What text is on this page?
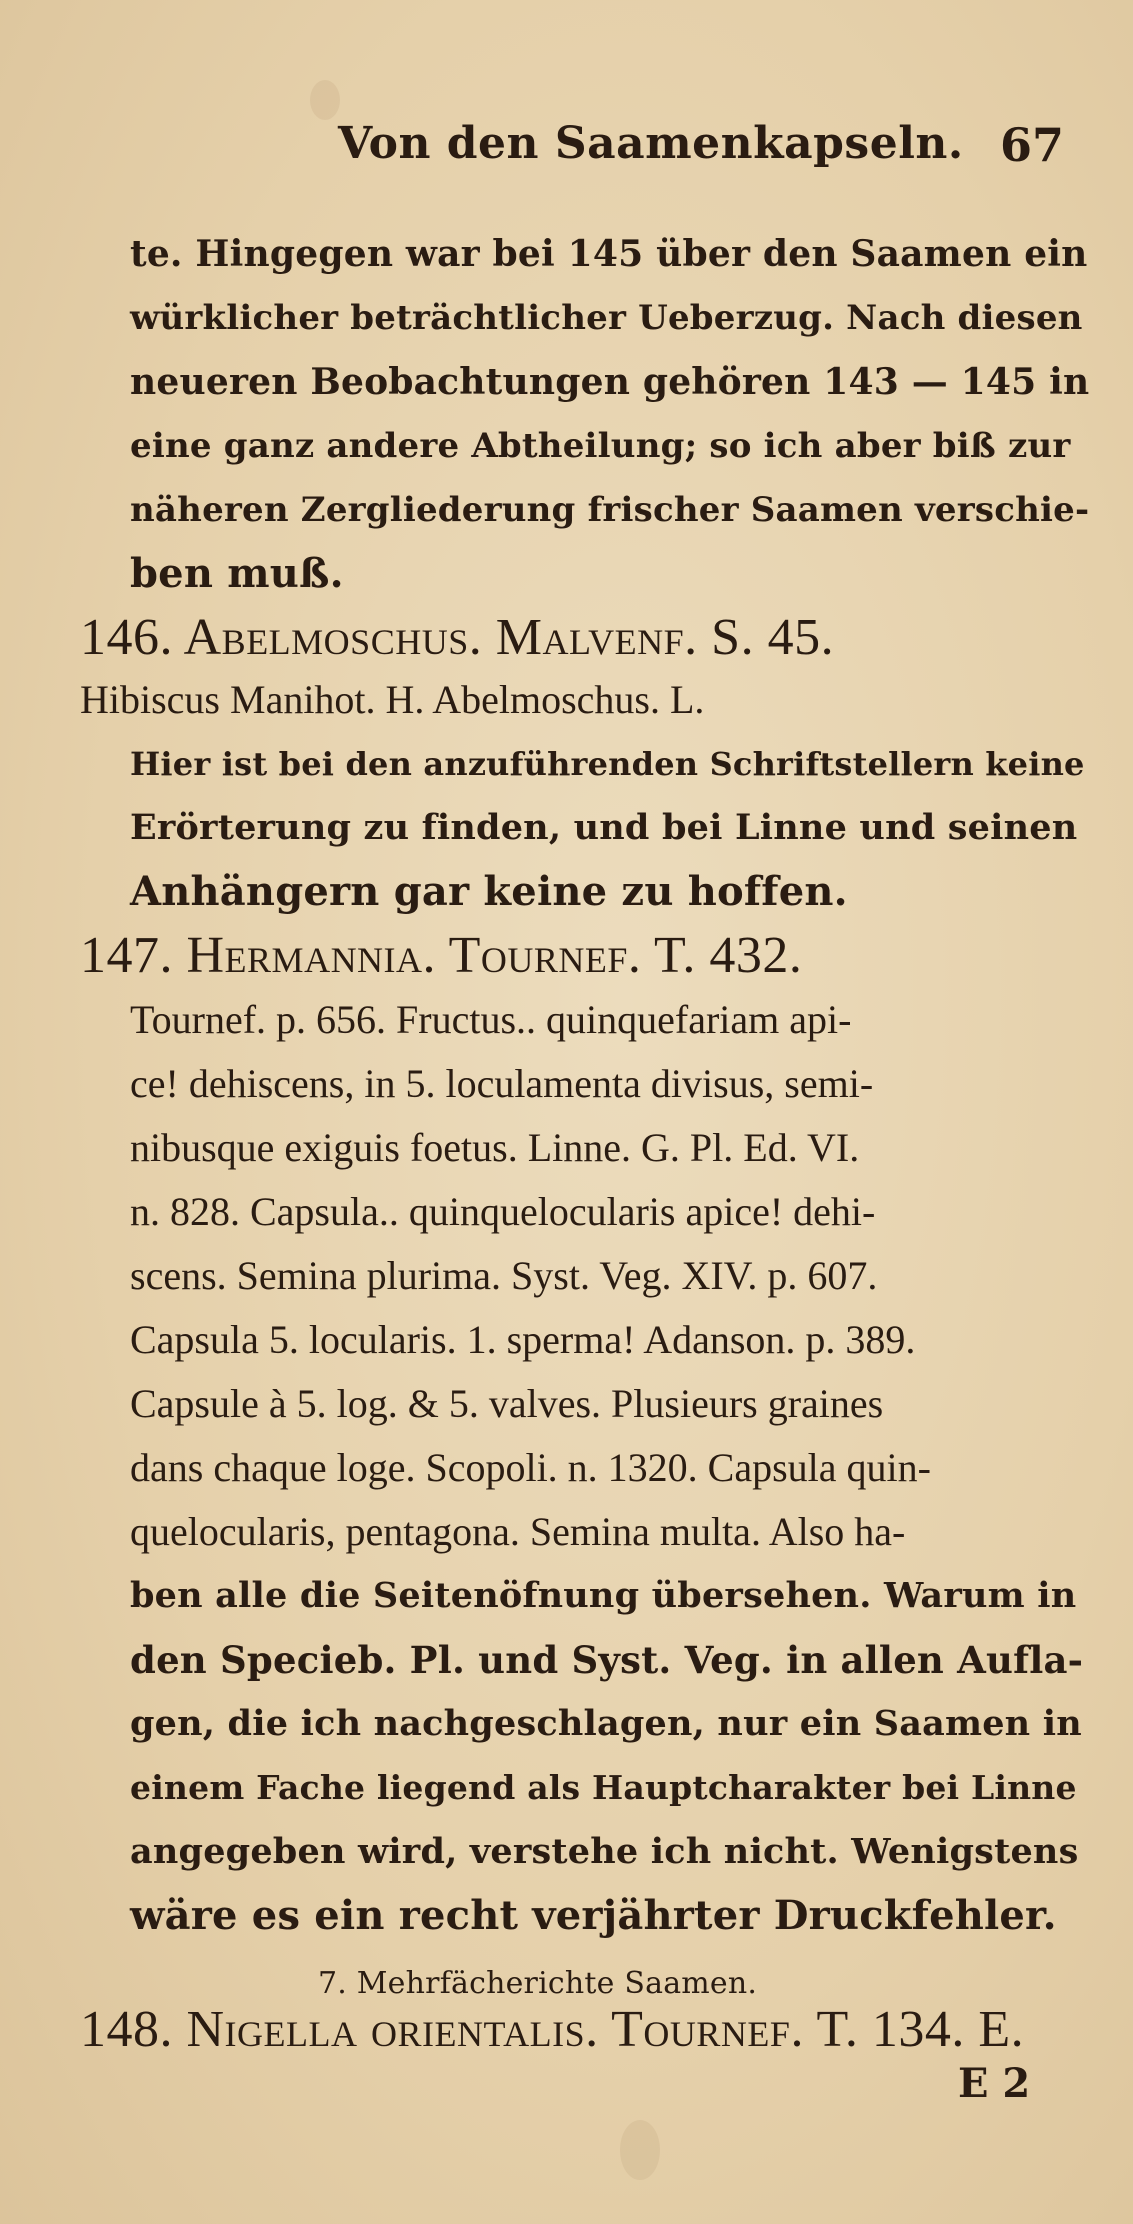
Von den Saamenkapseln. 67
te. Hingegen war bei 145 über den Saamen ein
würklicher beträchtlicher Ueberzug. Nach diesen
neueren Beobachtungen gehören 143 — 145 in
eine ganz andere Abtheilung; so ich aber biß zur
näheren Zergliederung frischer Saamen verschie-
ben muß.
146. Abelmoschus. Malvenf. S. 45.
Hibiscus Manihot. H. Abelmoschus. L.
Hier ist bei den anzuführenden Schriftstellern keine
Erörterung zu finden, und bei Linne und seinen
Anhängern gar keine zu hoffen.
147. Hermannia. Tournef. T. 432.
Tournef. p. 656. Fructus.. quinquefariam api-
ce! dehiscens, in 5. loculamenta divisus, semi-
nibusque exiguis foetus. Linne. G. Pl. Ed. VI.
n. 828. Capsula.. quinquelocularis apice! dehi-
scens. Semina plurima. Syst. Veg. XIV. p. 607.
Capsula 5. locularis. 1. sperma! Adanson. p. 389.
Capsule à 5. log. & 5. valves. Plusieurs graines
dans chaque loge. Scopoli. n. 1320. Capsula quin-
quelocularis, pentagona. Semina multa. Also ha-
ben alle die Seitenöfnung übersehen. Warum in
den Specieb. Pl. und Syst. Veg. in allen Aufla-
gen, die ich nachgeschlagen, nur ein Saamen in
einem Fache liegend als Hauptcharakter bei Linne
angegeben wird, verstehe ich nicht. Wenigstens
wäre es ein recht verjährter Druckfehler.
7. Mehrfächerichte Saamen.
148. Nigella orientalis. Tournef. T. 134. E.
E 2
